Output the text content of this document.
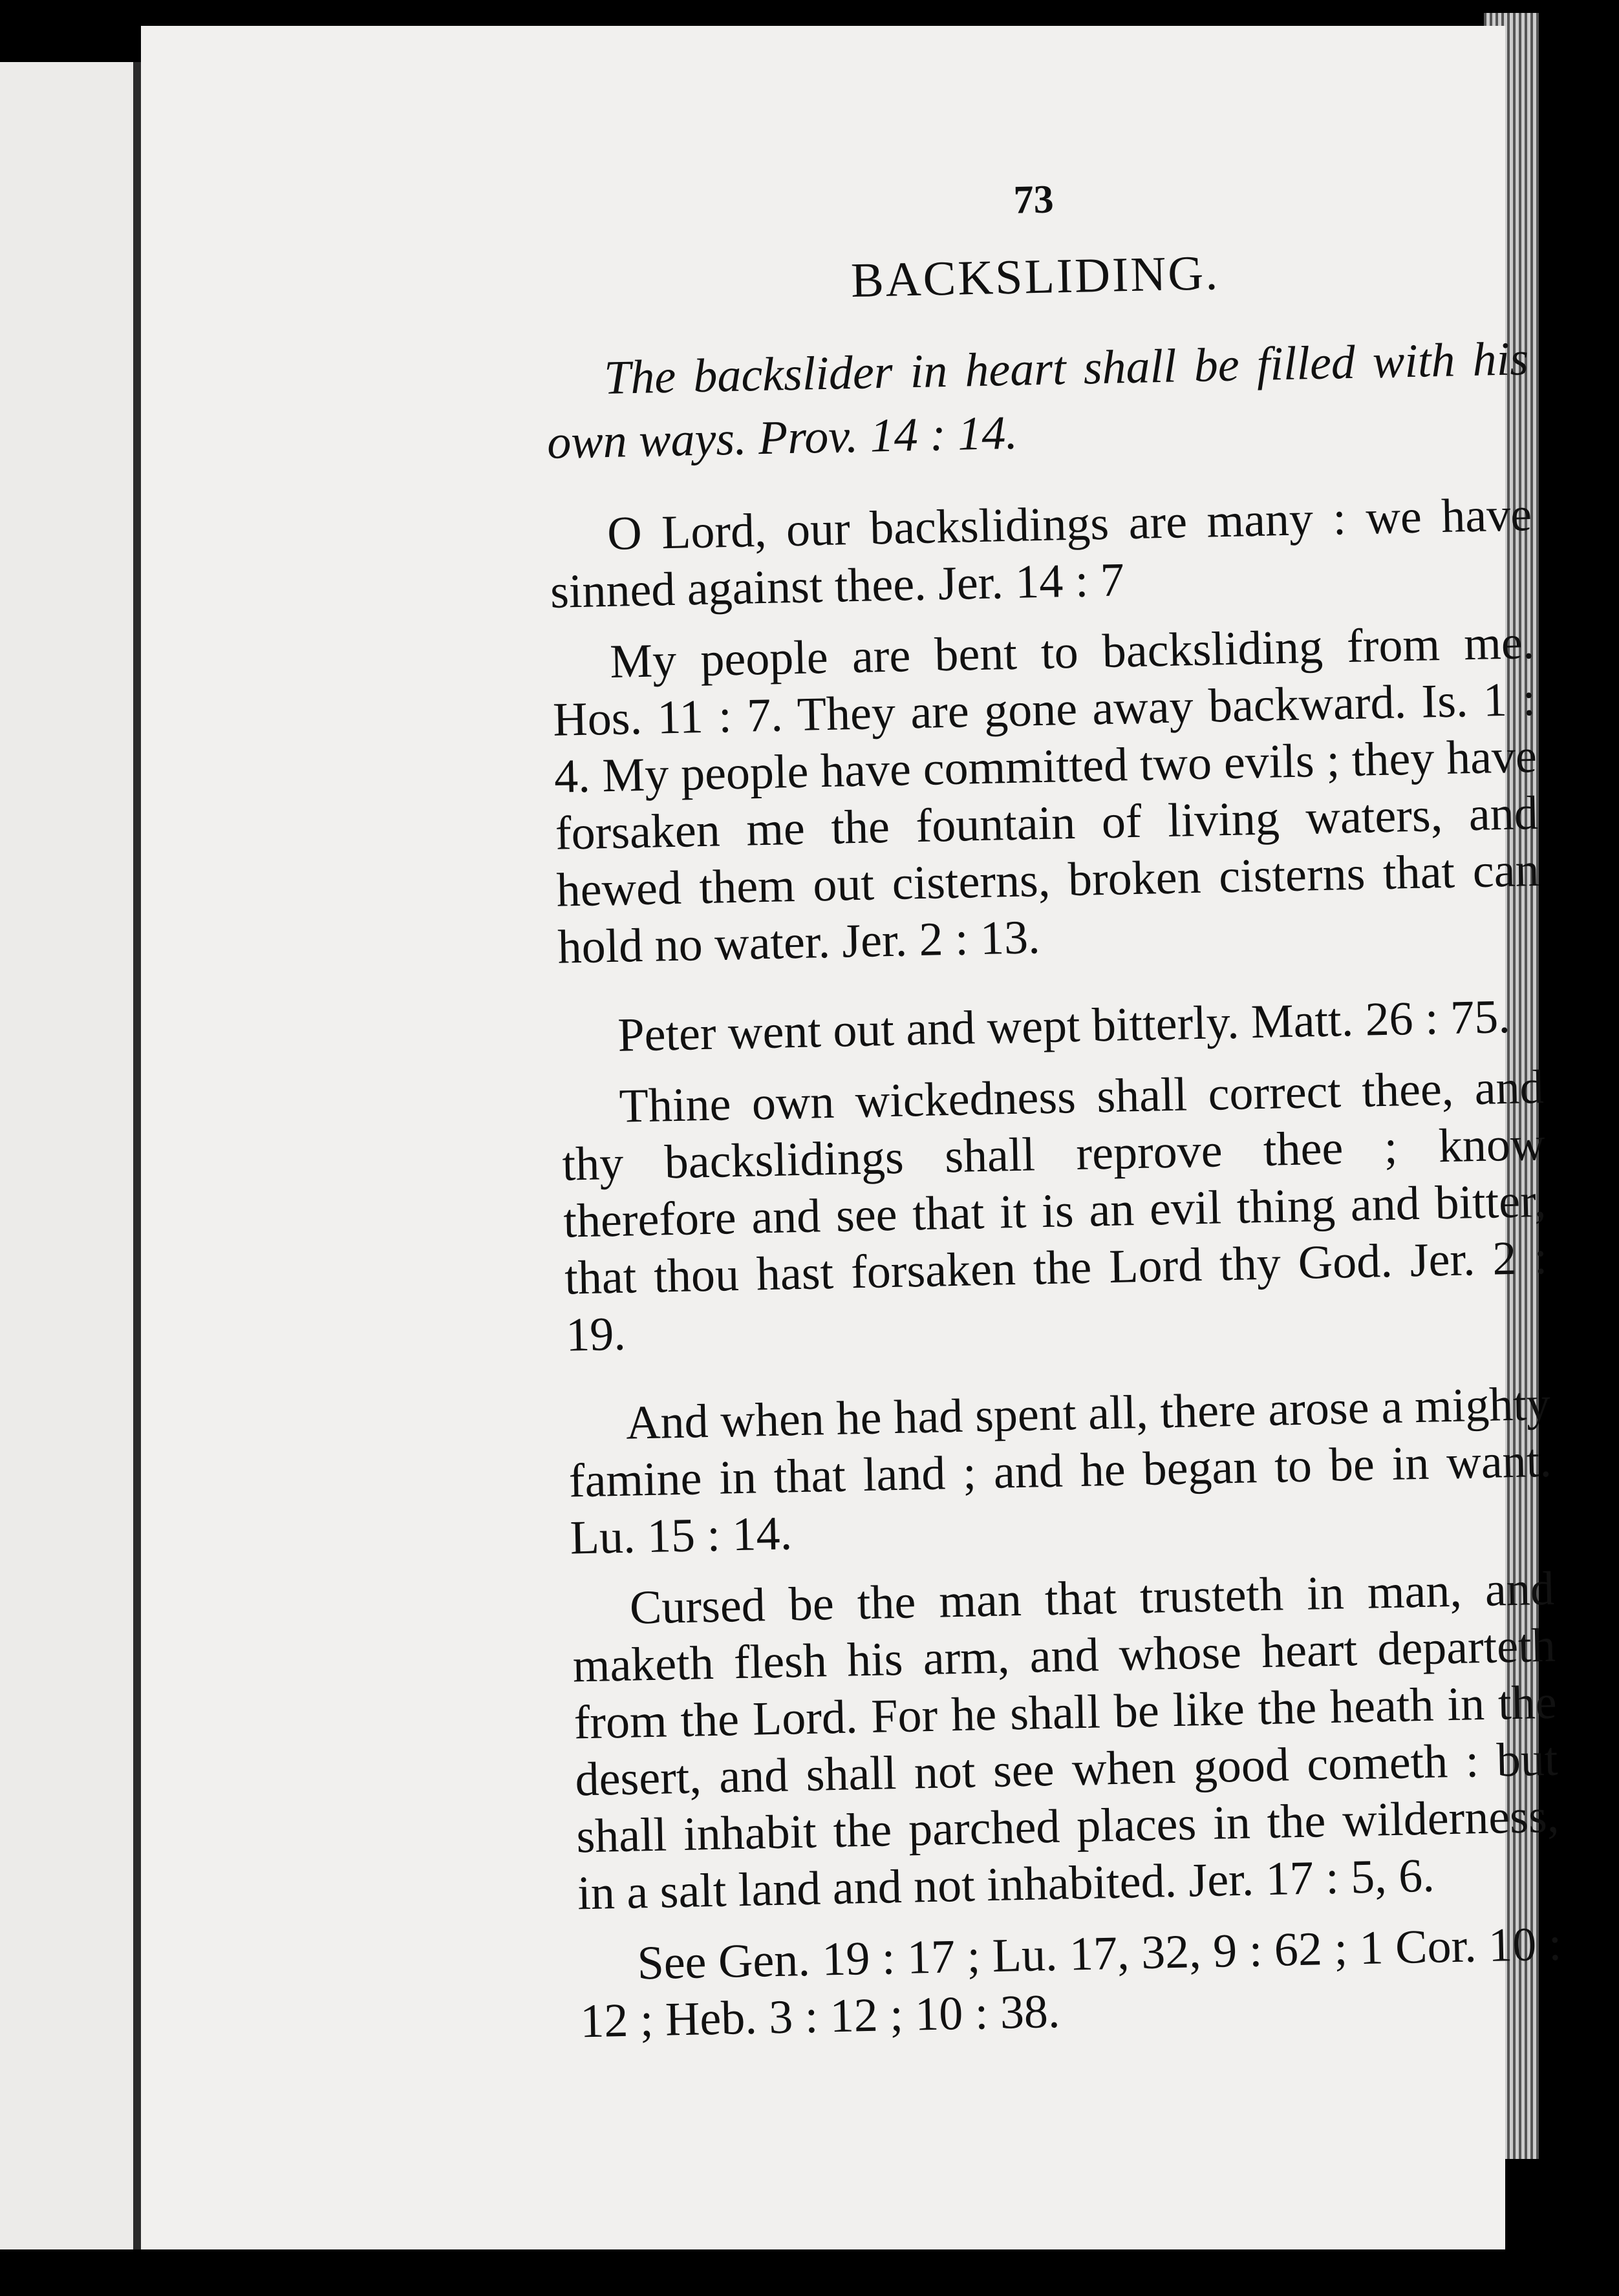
73
BACKSLIDING.

The backslider in heart shall be filled with his own ways. Prov. 14 : 14.

O Lord, our backslidings are many : we have sinned against thee. Jer. 14 : 7

My people are bent to backsliding from me. Hos. 11 : 7. They are gone away backward. Is. 1 : 4. My people have committed two evils ; they have forsaken me the fountain of living waters, and hewed them out cisterns, broken cisterns that can hold no water. Jer. 2 : 13.

Peter went out and wept bitterly. Matt. 26 : 75.

Thine own wickedness shall correct thee, and thy backslidings shall reprove thee ; know therefore and see that it is an evil thing and bitter, that thou hast forsaken the Lord thy God. Jer. 2 : 19.

And when he had spent all, there arose a mighty famine in that land ; and he began to be in want. Lu. 15 : 14.

Cursed be the man that trusteth in man, and maketh flesh his arm, and whose heart departeth from the Lord. For he shall be like the heath in the desert, and shall not see when good cometh : but shall inhabit the parched places in the wilderness, in a salt land and not inhabited. Jer. 17 : 5, 6.

See Gen. 19 : 17 ; Lu. 17, 32, 9 : 62 ; 1 Cor. 10 : 12 ; Heb. 3 : 12 ; 10 : 38.
